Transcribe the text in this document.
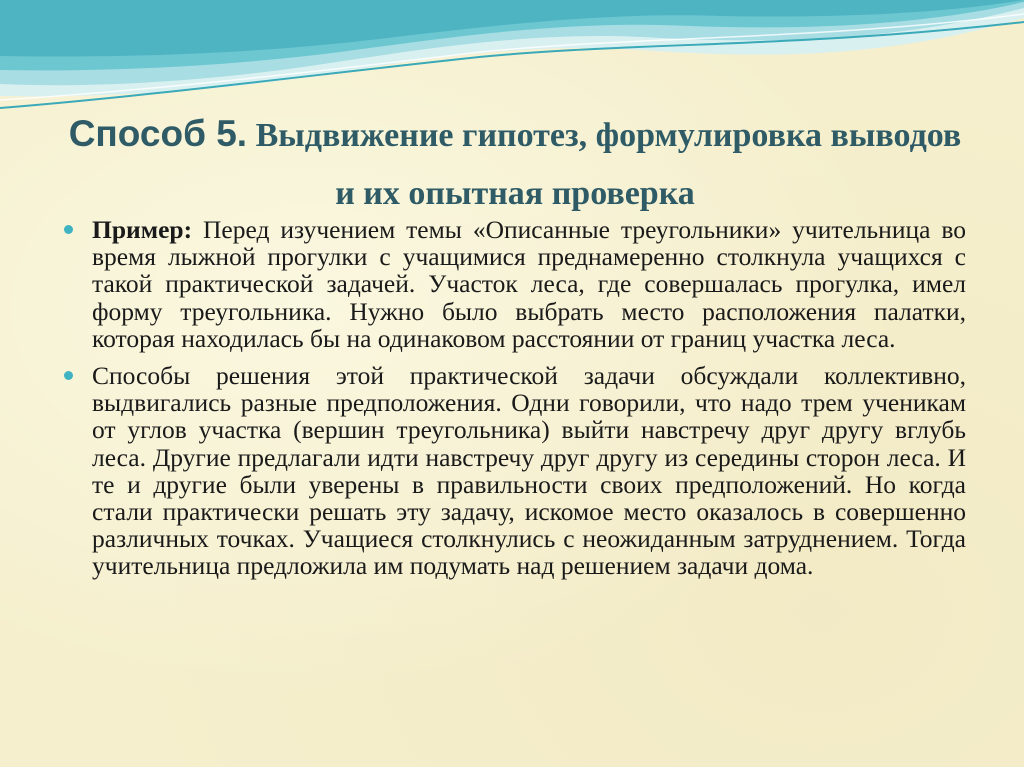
Способ 5. Выдвижение гипотез, формулировка выводов и их опытная проверка

Пример: Перед изучением темы «Описанные треугольники» учительница во время лыжной прогулки с учащимися преднамеренно столкнула учащихся с такой практической задачей. Участок леса, где совершалась прогулка, имел форму треугольника. Нужно было выбрать место расположения палатки, которая находилась бы на одинаковом расстоянии от границ участка леса.

Способы решения этой практической задачи обсуждали коллективно, выдвигались разные предположения. Одни говорили, что надо трем ученикам от углов участка (вершин треугольника) выйти навстречу друг другу вглубь леса. Другие предлагали идти навстречу друг другу из середины сторон леса. И те и другие были уверены в правильности своих предположений. Но когда стали практически решать эту задачу, искомое место оказалось в совершенно различных точках. Учащиеся столкнулись с неожиданным затруднением. Тогда учительница предложила им подумать над решением задачи дома.
